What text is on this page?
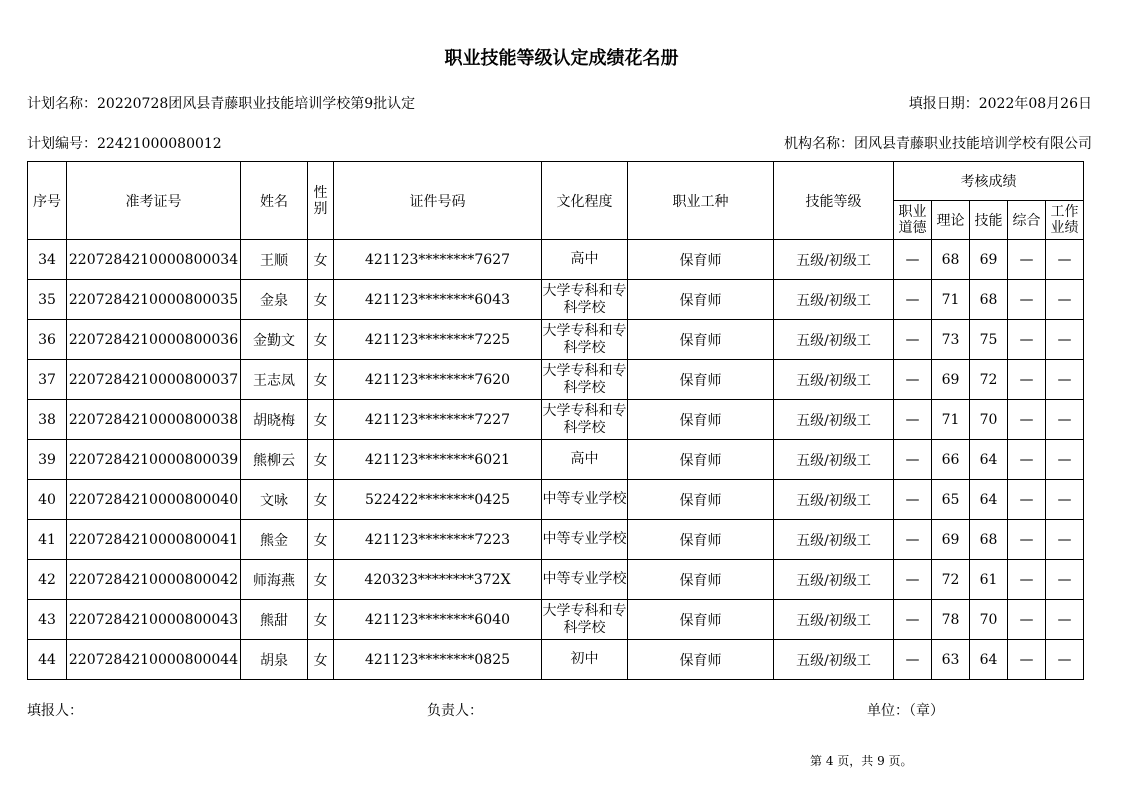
职业技能等级认定成绩花名册
计划名称：20220728团风县青藤职业技能培训学校第9批认定	填报日期：2022年08月26日
计划编号：22421000080012	机构名称：团风县青藤职业技能培训学校有限公司
序号	准考证号	姓名	性别	证件号码	文化程度	职业工种	技能等级	考核成绩				
								职业道德	理论	技能	综合	工作业绩
34	2207284210000800034	王顺	女	421123********7627	高中	保育师	五级/初级工	—	68	69	—	—
35	2207284210000800035	金泉	女	421123********6043	大学专科和专科学校	保育师	五级/初级工	—	71	68	—	—
36	2207284210000800036	金勤文	女	421123********7225	大学专科和专科学校	保育师	五级/初级工	—	73	75	—	—
37	2207284210000800037	王志凤	女	421123********7620	大学专科和专科学校	保育师	五级/初级工	—	69	72	—	—
38	2207284210000800038	胡晓梅	女	421123********7227	大学专科和专科学校	保育师	五级/初级工	—	71	70	—	—
39	2207284210000800039	熊柳云	女	421123********6021	高中	保育师	五级/初级工	—	66	64	—	—
40	2207284210000800040	文咏	女	522422********0425	中等专业学校	保育师	五级/初级工	—	65	64	—	—
41	2207284210000800041	熊金	女	421123********7223	中等专业学校	保育师	五级/初级工	—	69	68	—	—
42	2207284210000800042	师海燕	女	420323********372X	中等专业学校	保育师	五级/初级工	—	72	61	—	—
43	2207284210000800043	熊甜	女	421123********6040	大学专科和专科学校	保育师	五级/初级工	—	78	70	—	—
44	2207284210000800044	胡泉	女	421123********0825	初中	保育师	五级/初级工	—	63	64	—	—
填报人：	负责人：	单位：（章）
第 4 页，共 9 页。
